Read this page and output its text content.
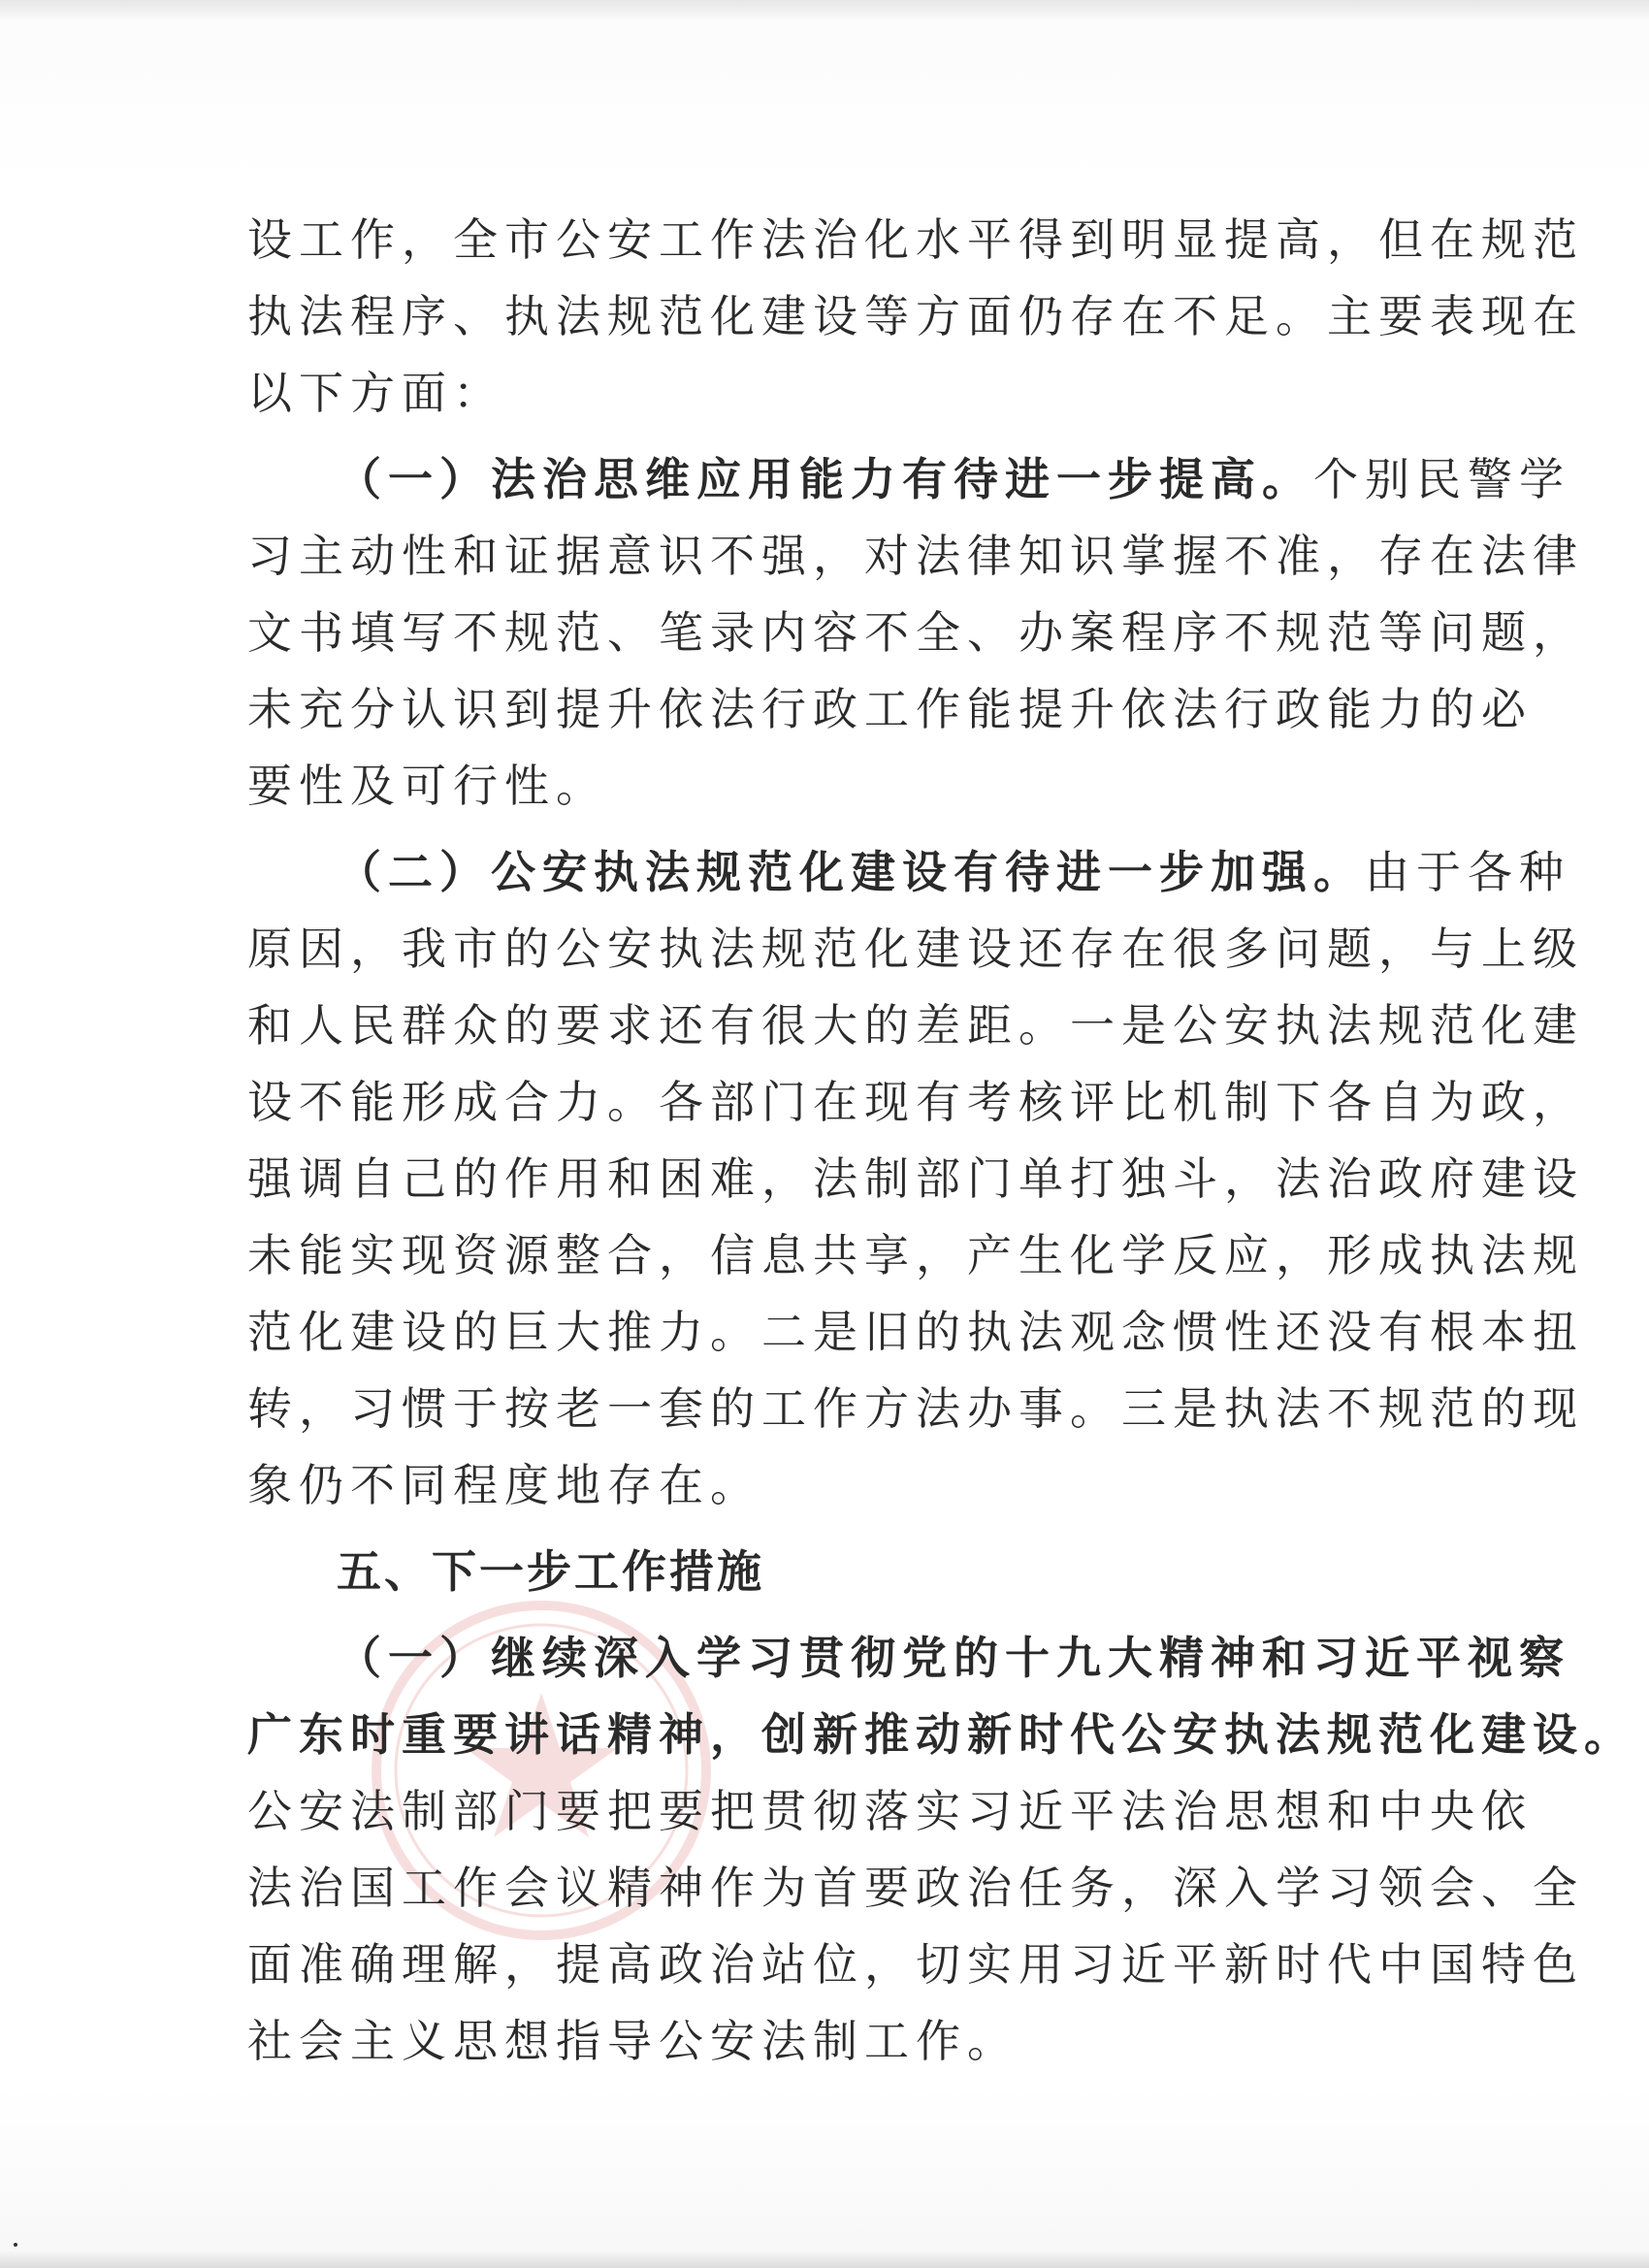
设工作，全市公安工作法治化水平得到明显提高，但在规范
执法程序、执法规范化建设等方面仍存在不足。主要表现在
以下方面：
（一）法治思维应用能力有待进一步提高。个别民警学
习主动性和证据意识不强，对法律知识掌握不准，存在法律
文书填写不规范、笔录内容不全、办案程序不规范等问题，
未充分认识到提升依法行政工作能提升依法行政能力的必
要性及可行性。
（二）公安执法规范化建设有待进一步加强。由于各种
原因，我市的公安执法规范化建设还存在很多问题，与上级
和人民群众的要求还有很大的差距。一是公安执法规范化建
设不能形成合力。各部门在现有考核评比机制下各自为政，
强调自己的作用和困难，法制部门单打独斗，法治政府建设
未能实现资源整合，信息共享，产生化学反应，形成执法规
范化建设的巨大推力。二是旧的执法观念惯性还没有根本扭
转，习惯于按老一套的工作方法办事。三是执法不规范的现
象仍不同程度地存在。
五、下一步工作措施
（一）继续深入学习贯彻党的十九大精神和习近平视察
广东时重要讲话精神，创新推动新时代公安执法规范化建设。
公安法制部门要把要把贯彻落实习近平法治思想和中央依
法治国工作会议精神作为首要政治任务，深入学习领会、全
面准确理解，提高政治站位，切实用习近平新时代中国特色
社会主义思想指导公安法制工作。
